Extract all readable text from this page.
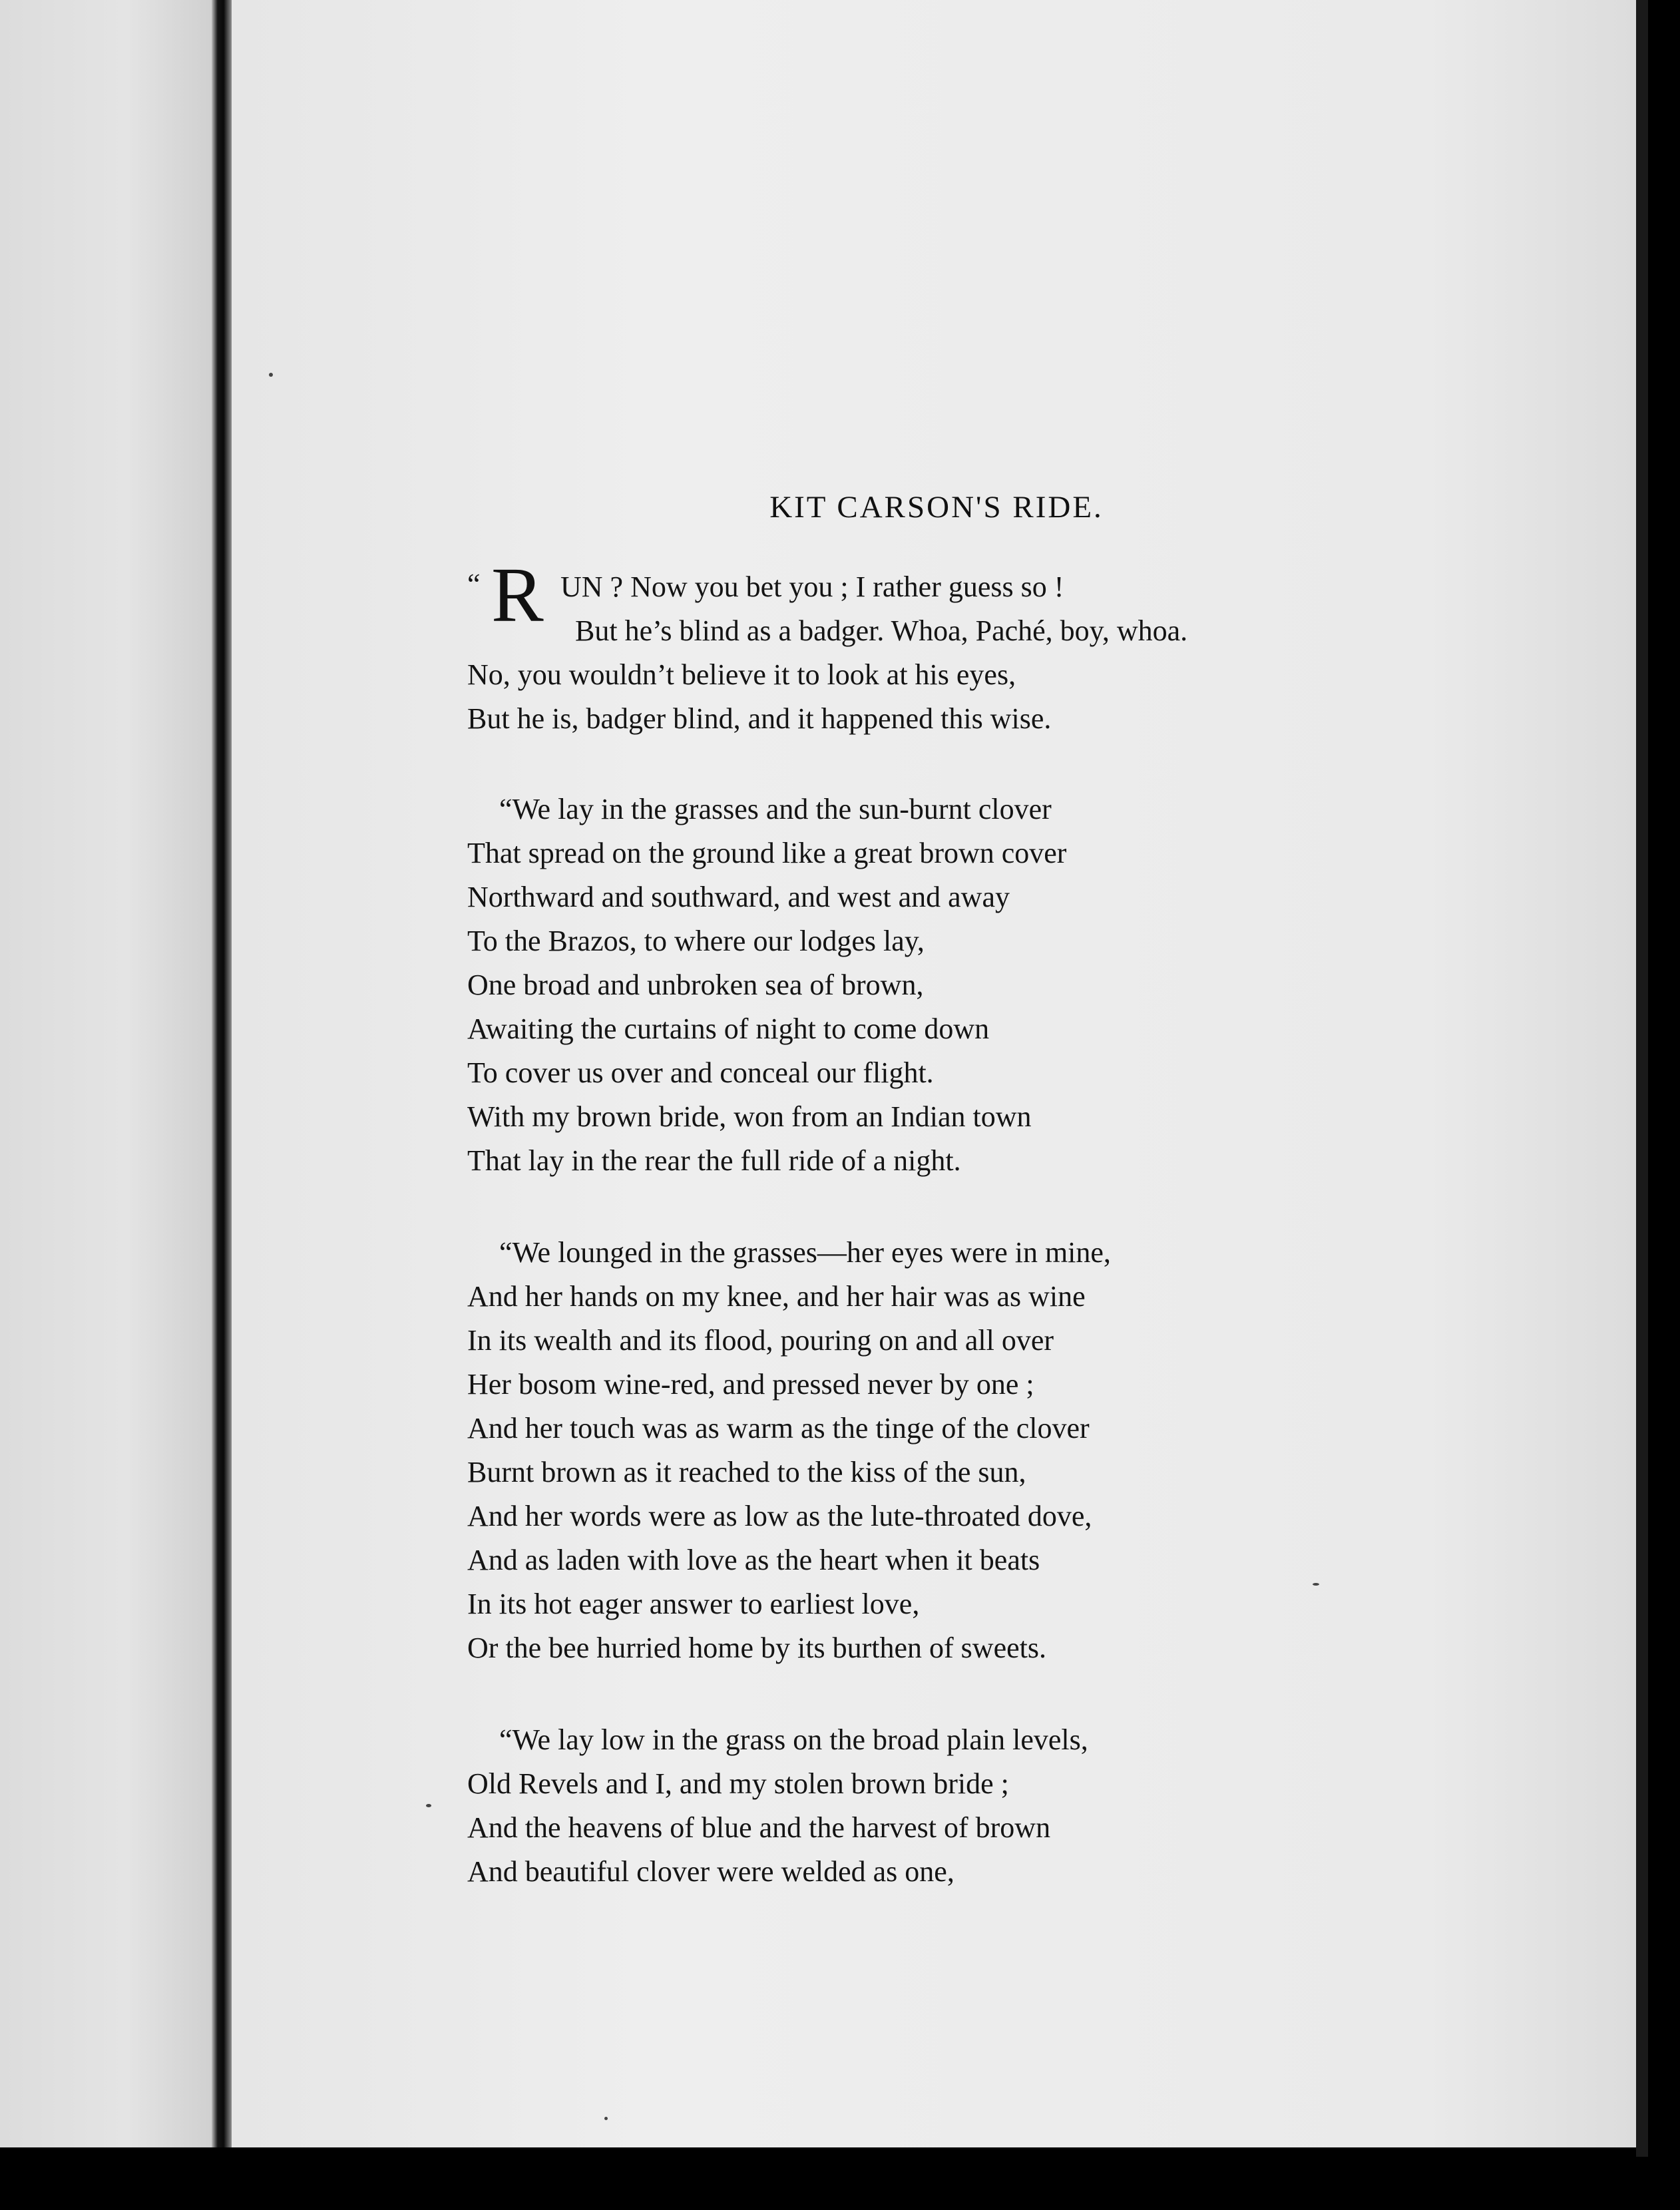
KIT CARSON'S RIDE.
“ R UN ? Now you bet you ; I rather guess so !
But he’s blind as a badger. Whoa, Paché, boy, whoa.
No, you wouldn’t believe it to look at his eyes,
But he is, badger blind, and it happened this wise.
“We lay in the grasses and the sun-burnt clover
That spread on the ground like a great brown cover
Northward and southward, and west and away
To the Brazos, to where our lodges lay,
One broad and unbroken sea of brown,
Awaiting the curtains of night to come down
To cover us over and conceal our flight.
With my brown bride, won from an Indian town
That lay in the rear the full ride of a night.
“We lounged in the grasses—her eyes were in mine,
And her hands on my knee, and her hair was as wine
In its wealth and its flood, pouring on and all over
Her bosom wine-red, and pressed never by one ;
And her touch was as warm as the tinge of the clover
Burnt brown as it reached to the kiss of the sun,
And her words were as low as the lute-throated dove,
And as laden with love as the heart when it beats
In its hot eager answer to earliest love,
Or the bee hurried home by its burthen of sweets.
“We lay low in the grass on the broad plain levels,
Old Revels and I, and my stolen brown bride ;
And the heavens of blue and the harvest of brown
And beautiful clover were welded as one,
